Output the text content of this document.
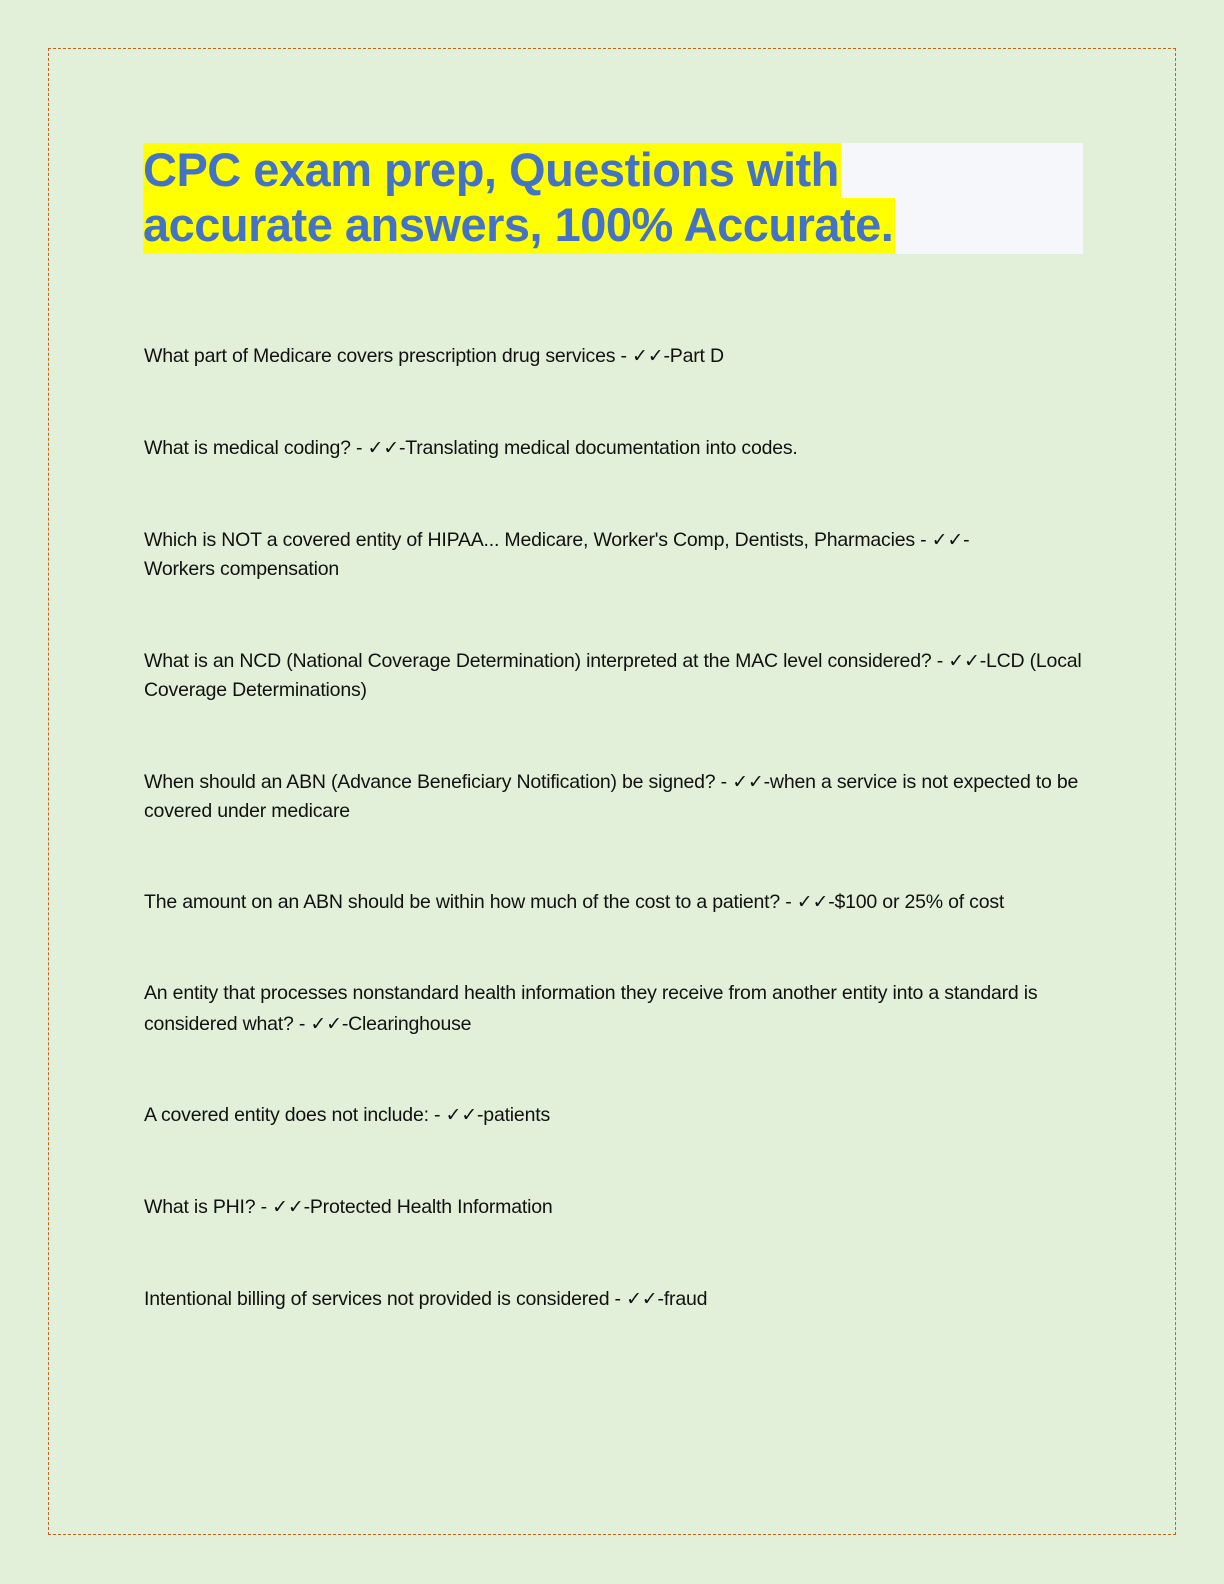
CPC exam prep, Questions with
accurate answers, 100% Accurate.
What part of Medicare covers prescription drug services - ✓✓-Part D
What is medical coding? - ✓✓-Translating medical documentation into codes.
Which is NOT a covered entity of HIPAA... Medicare, Worker's Comp, Dentists, Pharmacies - ✓✓-Workers compensation
What is an NCD (National Coverage Determination) interpreted at the MAC level considered? - ✓✓-LCD (Local Coverage Determinations)
When should an ABN (Advance Beneficiary Notification) be signed? - ✓✓-when a service is not expected to be covered under medicare
The amount on an ABN should be within how much of the cost to a patient? - ✓✓-$100 or 25% of cost
An entity that processes nonstandard health information they receive from another entity into a standard is considered what? - ✓✓-Clearinghouse
A covered entity does not include: - ✓✓-patients
What is PHI? - ✓✓-Protected Health Information
Intentional billing of services not provided is considered - ✓✓-fraud
